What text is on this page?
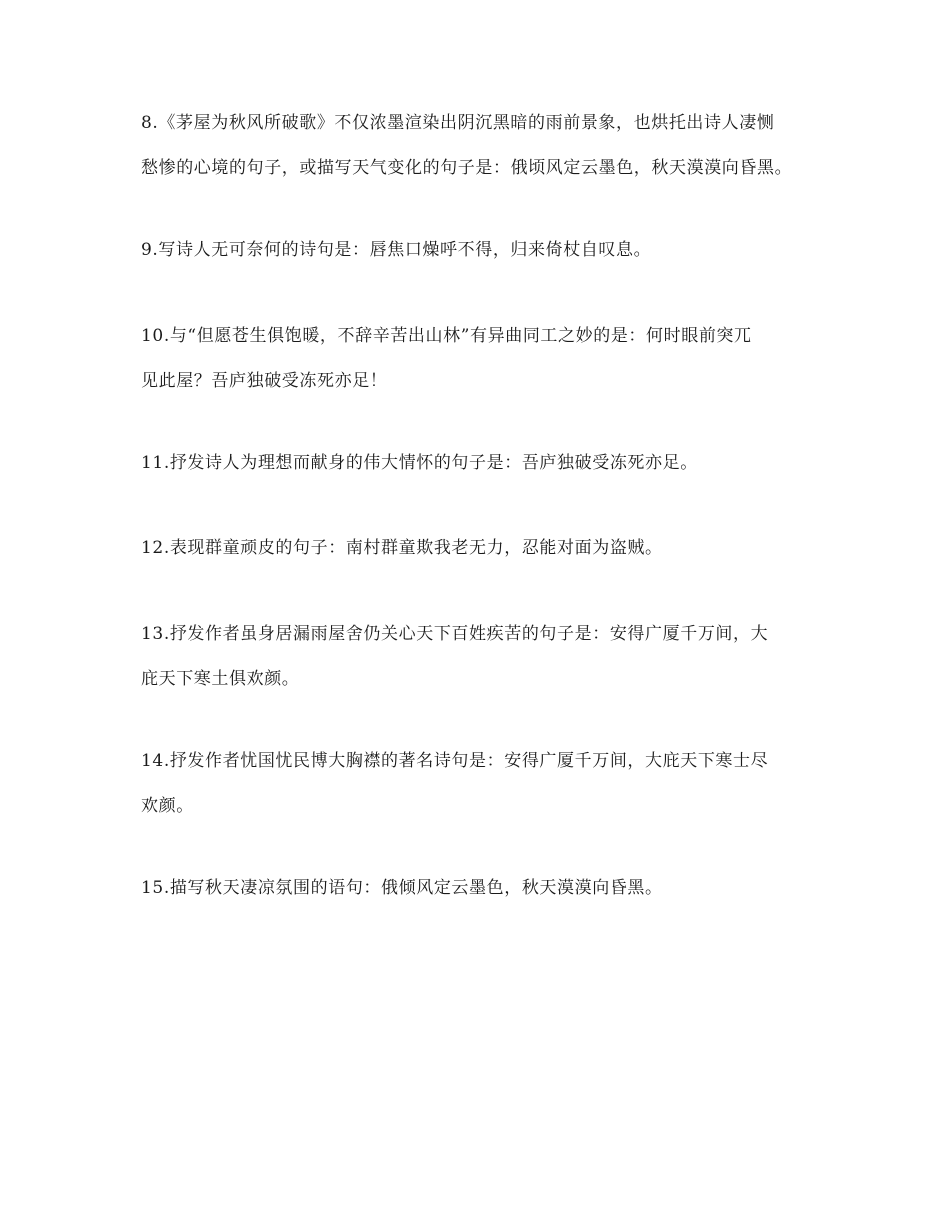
8.《茅屋为秋风所破歌》不仅浓墨渲染出阴沉黑暗的雨前景象，也烘托出诗人凄恻
愁惨的心境的句子，或描写天气变化的句子是：俄顷风定云墨色，秋天漠漠向昏黑。
9.写诗人无可奈何的诗句是：唇焦口燥呼不得，归来倚杖自叹息。
10.与“但愿苍生俱饱暖，不辞辛苦出山林”有异曲同工之妙的是：何时眼前突兀
见此屋？吾庐独破受冻死亦足！
11.抒发诗人为理想而献身的伟大情怀的句子是：吾庐独破受冻死亦足。
12.表现群童顽皮的句子：南村群童欺我老无力，忍能对面为盗贼。
13.抒发作者虽身居漏雨屋舍仍关心天下百姓疾苦的句子是：安得广厦千万间，大
庇天下寒土俱欢颜。
14.抒发作者忧国忧民博大胸襟的著名诗句是：安得广厦千万间，大庇天下寒士尽
欢颜。
15.描写秋天凄凉氛围的语句：俄倾风定云墨色，秋天漠漠向昏黑。
